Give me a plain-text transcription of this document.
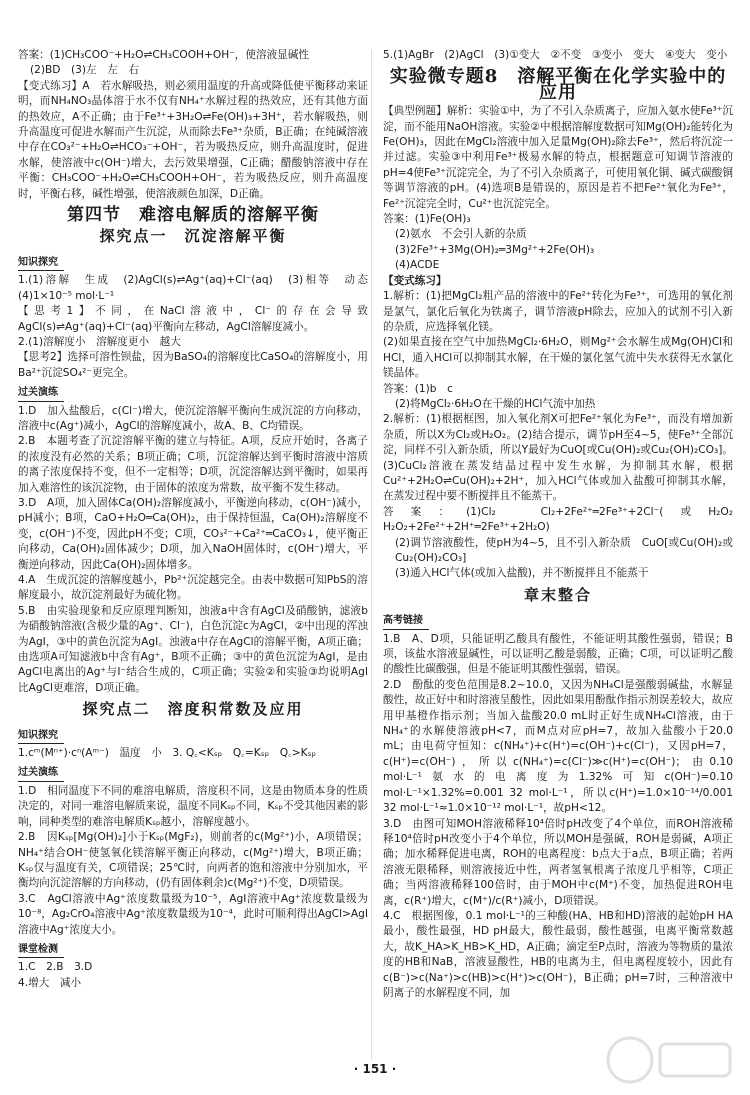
答案：(1)CH₃COO⁻+H₂O⇌CH₃COOH+OH⁻，使溶液显碱性

(2)BD　(3)左　左　右

【变式练习】A　若水解吸热，则必须用温度的升高或降低使平衡移动来证明，而NH₄NO₃晶体溶于水不仅有NH₄⁺水解过程的热效应，还有其他方面的热效应，A不正确；由于Fe³⁺+3H₂O⇌Fe(OH)₃+3H⁺，若水解吸热，则升高温度可促进水解而产生沉淀，从而除去Fe³⁺杂质，B正确；在纯碱溶液中存在CO₃²⁻+H₂O⇌HCO₃⁻+OH⁻，若为吸热反应，则升高温度时，促进水解，使溶液中c(OH⁻)增大，去污效果增强，C正确；醋酸钠溶液中存在平衡：CH₃COO⁻+H₂O⇌CH₃COOH+OH⁻，若为吸热反应，则升高温度时，平衡右移，碱性增强，使溶液颜色加深，D正确。

第四节　难溶电解质的溶解平衡
探究点一　沉淀溶解平衡
知识探究

1.(1)溶解　生成　(2)AgCl(s)⇌Ag⁺(aq)+Cl⁻(aq)　(3)相等　动态　(4)1×10⁻⁵ mol·L⁻¹

【思考1】不同，在NaCl溶液中，Cl⁻的存在会导致AgCl(s)⇌Ag⁺(aq)+Cl⁻(aq)平衡向左移动，AgCl溶解度减小。

2.(1)溶解度小　溶解度更小　越大

【思考2】选择可溶性钡盐，因为BaSO₄的溶解度比CaSO₄的溶解度小，用Ba²⁺沉淀SO₄²⁻更完全。

过关演练

1.D　加入盐酸后，c(Cl⁻)增大，使沉淀溶解平衡向生成沉淀的方向移动，溶液中c(Ag⁺)减小，AgCl的溶解度减小，故A、B、C均错误。

2.B　本题考查了沉淀溶解平衡的建立与特征。A项，反应开始时，各离子的浓度没有必然的关系；B项正确；C项，沉淀溶解达到平衡时溶液中溶质的离子浓度保持不变，但不一定相等；D项，沉淀溶解达到平衡时，如果再加入难溶性的该沉淀物，由于固体的浓度为常数，故平衡不发生移动。

3.D　A项，加入固体Ca(OH)₂溶解度减小，平衡逆向移动，c(OH⁻)减小，pH减小；B项，CaO+H₂O═Ca(OH)₂，由于保持恒温，Ca(OH)₂溶解度不变，c(OH⁻)不变，因此pH不变；C项，CO₃²⁻+Ca²⁺═CaCO₃↓，使平衡正向移动，Ca(OH)₂固体减少；D项，加入NaOH固体时，c(OH⁻)增大，平衡逆向移动，因此Ca(OH)₂固体增多。

4.A　生成沉淀的溶解度越小，Pb²⁺沉淀越完全。由表中数据可知PbS的溶解度最小，故沉淀剂最好为硫化物。

5.B　由实验现象和反应原理判断知，浊液a中含有AgCl及硝酸钠，滤液b为硝酸钠溶液(含极少量的Ag⁺、Cl⁻)，白色沉淀c为AgCl，②中出现的浑浊为AgI，③中的黄色沉淀为AgI。浊液a中存在AgCl的溶解平衡，A项正确；由选项A可知滤液b中含有Ag⁺，B项不正确；③中的黄色沉淀为AgI，是由AgCl电离出的Ag⁺与I⁻结合生成的，C项正确；实验②和实验③均说明AgI比AgCl更难溶，D项正确。

探究点二　溶度积常数及应用
知识探究

1.cᵐ(Mⁿ⁺)·cⁿ(Aᵐ⁻)　温度　小　3. Q꜀<Kₛₚ　Q꜀=Kₛₚ　Q꜀>Kₛₚ

过关演练

1.D　相同温度下不同的难溶电解质，溶度积不同，这是由物质本身的性质决定的，对同一难溶电解质来说，温度不同Kₛₚ不同，Kₛₚ不受其他因素的影响，同种类型的难溶电解质Kₛₚ越小，溶解度越小。

2.B　因Kₛₚ[Mg(OH)₂]小于Kₛₚ(MgF₂)，则前者的c(Mg²⁺)小，A项错误；NH₄⁺结合OH⁻使氢氧化镁溶解平衡正向移动，c(Mg²⁺)增大，B项正确；Kₛₚ仅与温度有关，C项错误；25℃时，向两者的饱和溶液中分别加水，平衡均向沉淀溶解的方向移动，(仍有固体剩余)c(Mg²⁺)不变，D项错误。

3.C　AgCl溶液中Ag⁺浓度数量级为10⁻⁵，AgI溶液中Ag⁺浓度数量级为10⁻⁸，Ag₂CrO₄溶液中Ag⁺浓度数量级为10⁻⁴，此时可顺利得出AgCl>AgI溶液中Ag⁺浓度大小。

课堂检测

1.C　2.B　3.D

4.增大　减小

5.(1)AgBr　(2)AgCl　(3)①变大　②不变　③变小　变大　④变大　变小

实验微专题8　溶解平衡在化学实验中的应用

【典型例题】解析：实验①中，为了不引入杂质离子，应加入氨水使Fe³⁺沉淀，而不能用NaOH溶液。实验②中根据溶解度数据可知Mg(OH)₂能转化为Fe(OH)₃，因此在MgCl₂溶液中加入足量Mg(OH)₂除去Fe³⁺，然后将沉淀一并过滤。实验③中利用Fe³⁺极易水解的特点，根据题意可知调节溶液的pH=4使Fe³⁺沉淀完全，为了不引入杂质离子，可使用氧化铜、碱式碳酸铜等调节溶液的pH。(4)选项B是错误的，原因是若不把Fe²⁺氧化为Fe³⁺，Fe²⁺沉淀完全时，Cu²⁺也沉淀完全。

答案：(1)Fe(OH)₃

(2)氨水　不会引人新的杂质

(3)2Fe³⁺+3Mg(OH)₂═3Mg²⁺+2Fe(OH)₃

(4)ACDE

【变式练习】

1.解析：(1)把MgCl₂粗产品的溶液中的Fe²⁺转化为Fe³⁺，可选用的氧化剂是氯气，氯化后氧化为铁离子，调节溶液pH除去，应加入的试剂不引入新的杂质，应选择氧化镁。

(2)如果直接在空气中加热MgCl₂·6H₂O，则Mg²⁺会水解生成Mg(OH)Cl和HCl，通入HCl可以抑制其水解，在干燥的氯化氢气流中失水获得无水氯化镁晶体。

答案：(1)b　c

(2)将MgCl₂·6H₂O在干燥的HCl气流中加热

2.解析：(1)根据框图，加入氧化剂X可把Fe²⁺氧化为Fe³⁺，而没有增加新杂质，所以X为Cl₂或H₂O₂。(2)结合提示，调节pH至4~5，使Fe³⁺全部沉淀，同样不引入新杂质，所以Y最好为CuO[或Cu(OH)₂或Cu₂(OH)₂CO₃]。(3)CuCl₂溶液在蒸发结晶过程中发生水解，为抑制其水解，根据Cu²⁺+2H₂O⇌Cu(OH)₂+2H⁺，加入HCl气体或加入盐酸可抑制其水解，在蒸发过程中要不断搅拌且不能蒸干。

答案：(1)Cl₂　Cl₂+2Fe²⁺═2Fe³⁺+2Cl⁻(或H₂O₂　H₂O₂+2Fe²⁺+2H⁺═2Fe³⁺+2H₂O)

(2)调节溶液酸性，使pH为4~5，且不引入新杂质　CuO[或Cu(OH)₂或Cu₂(OH)₂CO₃]

(3)通入HCl气体(或加入盐酸)，并不断搅拌且不能蒸干

章末整合
高考链接

1.B　A、D项，只能证明乙酸具有酸性，不能证明其酸性强弱，错误；B项，该盐水溶液显碱性，可以证明乙酸是弱酸，正确；C项，可以证明乙酸的酸性比碳酸强，但是不能证明其酸性强弱，错误。

2.D　酚酞的变色范围是8.2~10.0，又因为NH₄Cl是强酸弱碱盐，水解显酸性，故正好中和时溶液呈酸性，因此如果用酚酞作指示剂误差较大，故应用甲基橙作指示剂；当加入盐酸20.0 mL时正好生成NH₄Cl溶液，由于NH₄⁺的水解使溶液pH<7，而M点对应pH=7，故加入盐酸小于20.0 mL；由电荷守恒知：c(NH₄⁺)+c(H⁺)=c(OH⁻)+c(Cl⁻)，又因pH=7，c(H⁺)=c(OH⁻)，所以c(NH₄⁺)=c(Cl⁻)≫c(H⁺)=c(OH⁻)；由0.10 mol·L⁻¹氨水的电离度为1.32%可知c(OH⁻)=0.10 mol·L⁻¹×1.32%=0.001 32 mol·L⁻¹，所以c(H⁺)=1.0×10⁻¹⁴/0.001 32 mol·L⁻¹≈1.0×10⁻¹² mol·L⁻¹，故pH<12。

3.D　由图可知MOH溶液稀释10⁴倍时pH改变了4个单位，而ROH溶液稀释10⁴倍时pH改变小于4个单位，所以MOH是强碱，ROH是弱碱，A项正确；加水稀释促进电离，ROH的电离程度：b点大于a点，B项正确；若两溶液无限稀释，则溶液接近中性，两者氢氧根离子浓度几乎相等，C项正确；当两溶液稀释100倍时，由于MOH中c(M⁺)不变，加热促进ROH电离，c(R⁺)增大，c(M⁺)/c(R⁺)减小，D项错误。

4.C　根据图像，0.1 mol·L⁻¹的三种酸(HA、HB和HD)溶液的起始pH HA最小，酸性最强，HD pH最大，酸性最弱，酸性越强，电离平衡常数越大，故K_HA>K_HB>K_HD，A正确；滴定至P点时，溶液为等物质的量浓度的HB和NaB，溶液显酸性，HB的电离为主，但电离程度较小，因此有c(B⁻)>c(Na⁺)>c(HB)>c(H⁺)>c(OH⁻)，B正确；pH=7时，三种溶液中阴离子的水解程度不同，加

· 151 ·
